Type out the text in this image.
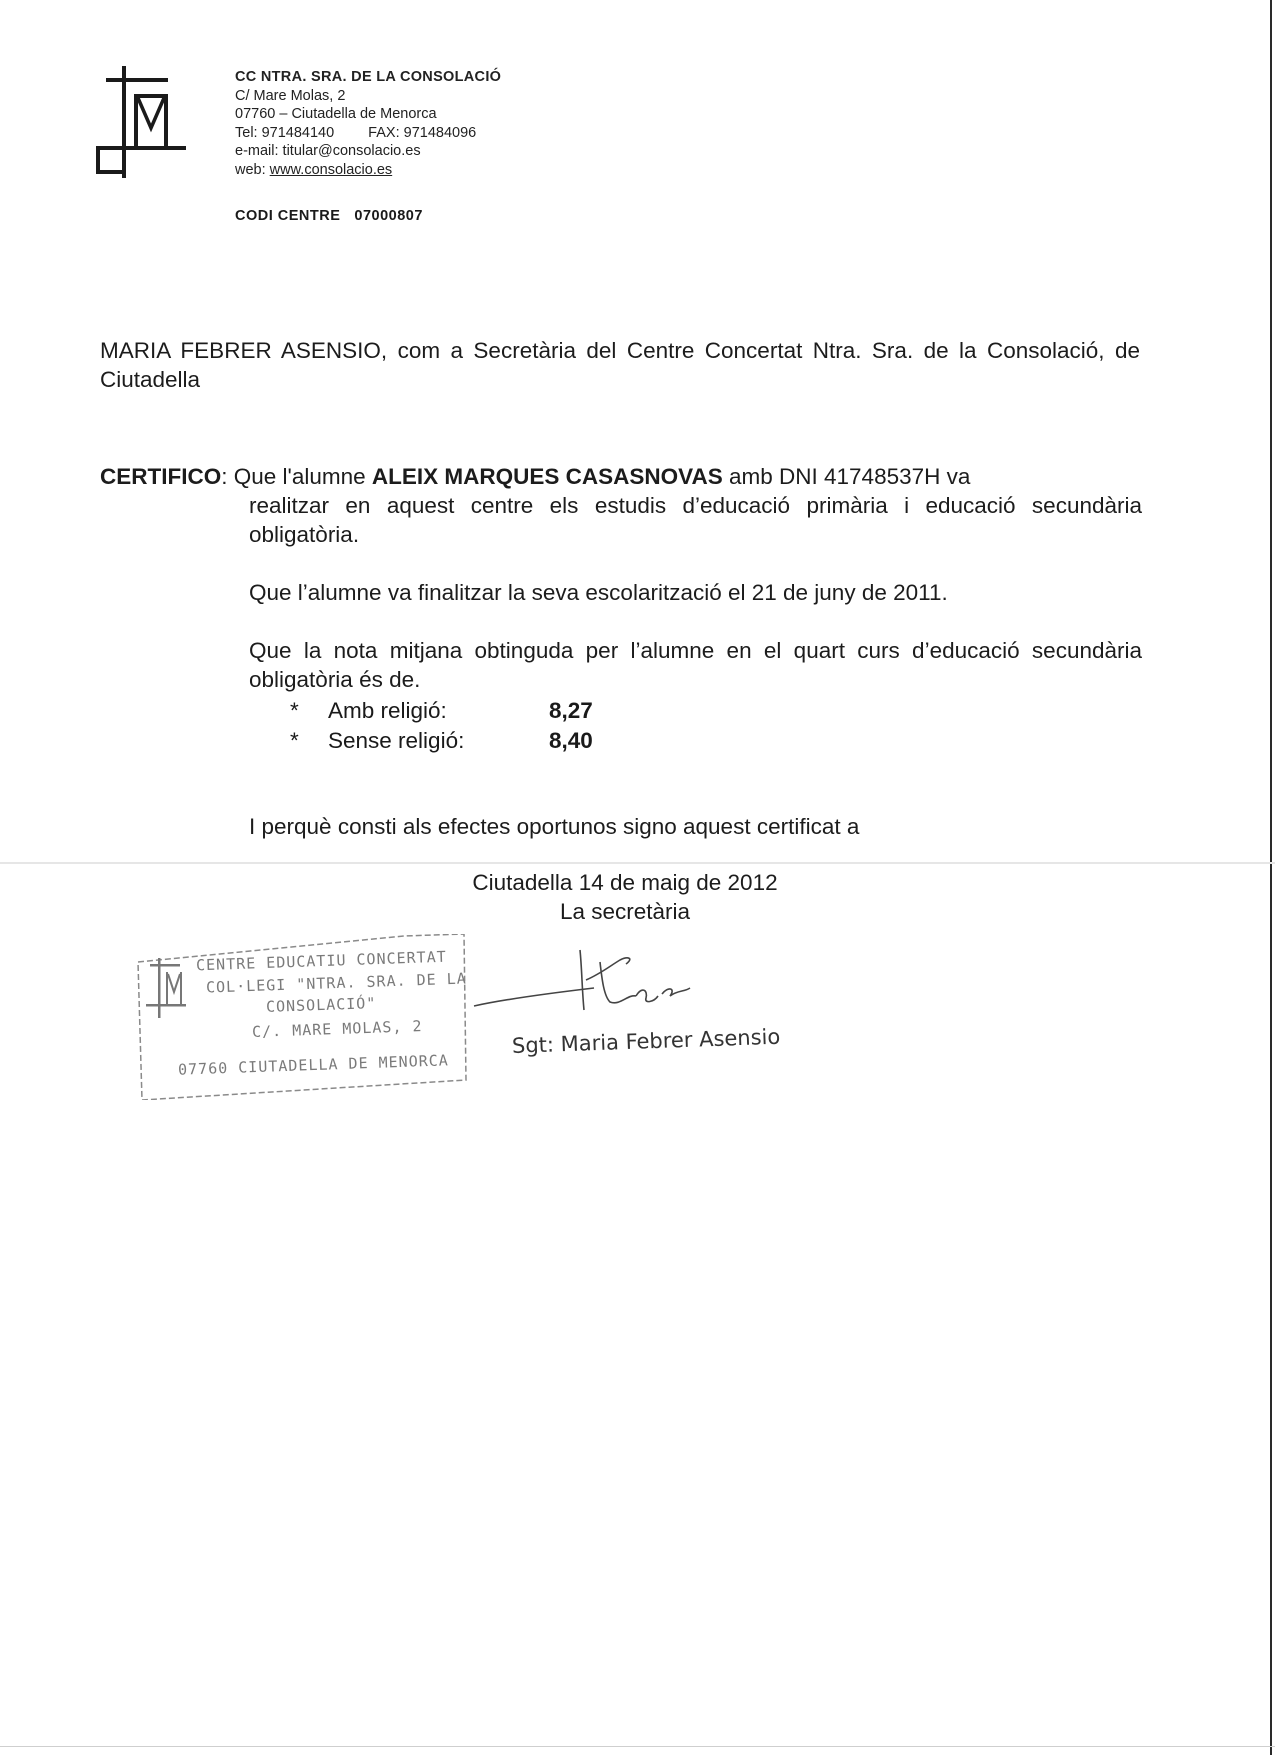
CC NTRA. SRA. DE LA CONSOLACIÓ
C/ Mare Molas, 2
07760 – Ciutadella de Menorca
Tel: 971484140 FAX: 971484096
e-mail: titular@consolacio.es
web: www.consolacio.es
CODI CENTRE 07000807
MARIA FEBRER ASENSIO, com a Secretària del Centre Concertat Ntra. Sra. de la Consolació, de Ciutadella
CERTIFICO: Que l'alumne ALEIX MARQUES CASASNOVAS amb DNI 41748537H va
realitzar en aquest centre els estudis d’educació primària i educació secundària obligatòria.
Que l’alumne va finalitzar la seva escolarització el 21 de juny de 2011.
Que la nota mitjana obtinguda per l’alumne en el quart curs d’educació secundària obligatòria és de.
* Amb religió:	8,27
* Sense religió:	8,40
I perquè consti als efectes oportunos signo aquest certificat a
Ciutadella 14 de maig de 2012
La secretària
CENTRE EDUCATIU CONCERTAT
COL·LEGI "NTRA. SRA. DE LA
CONSOLACIÓ"
C/. MARE MOLAS, 2
07760 CIUTADELLA DE MENORCA
Sgt: Maria Febrer Asensio
